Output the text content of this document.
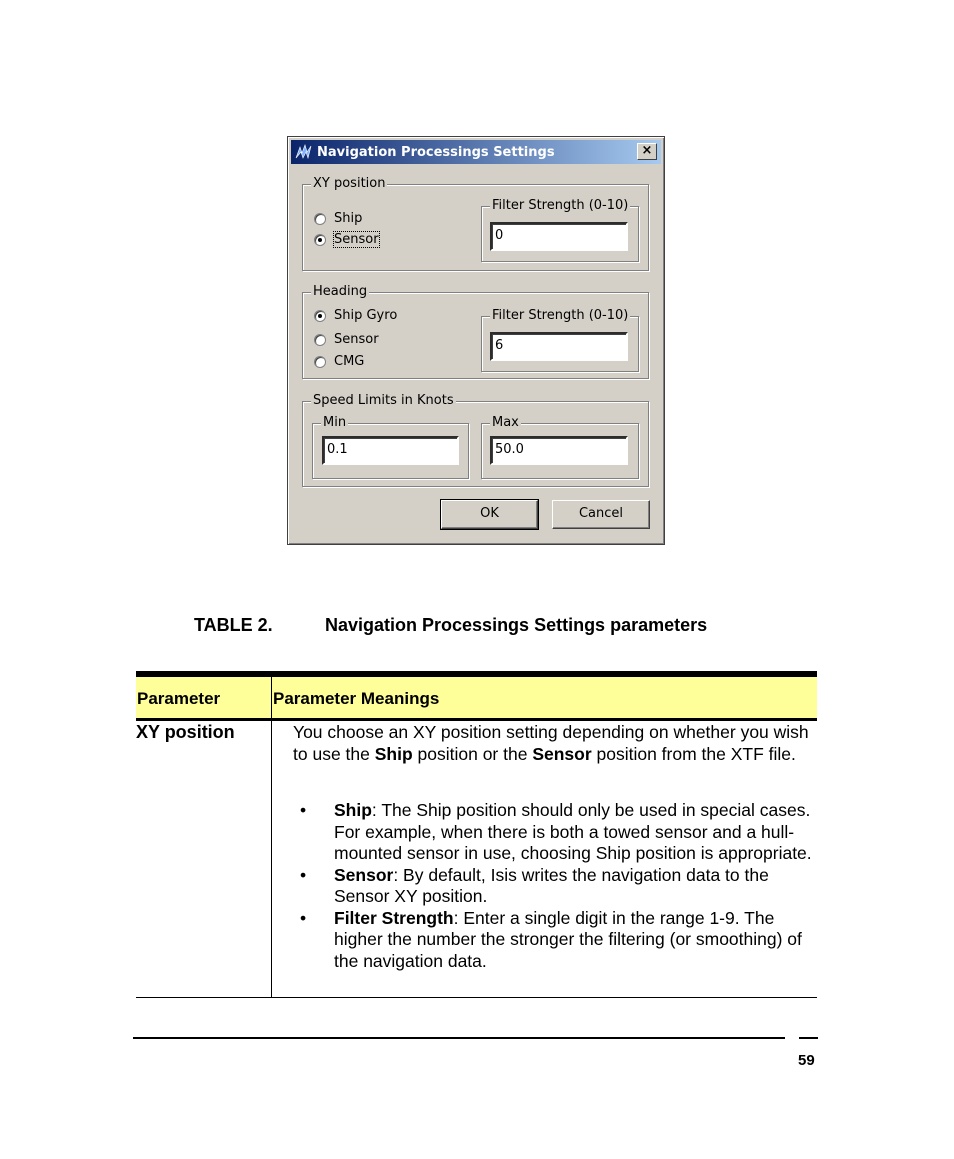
Navigation Processings Settings	×
XY position
Ship
Sensor
Filter Strength (0-10)
0
Heading
Ship Gyro
Sensor
CMG
Filter Strength (0-10)
6
Speed Limits in Knots
Min
0.1
Max
50.0
OK	Cancel
TABLE 2.	Navigation Processings Settings parameters
Parameter	Parameter Meanings
XY position	You choose an XY position setting depending on whether you wish to use the Ship position or the Sensor position from the XTF file.
• Ship: The Ship position should only be used in special cases. For example, when there is both a towed sensor and a hull-mounted sensor in use, choosing Ship position is appropriate.
• Sensor: By default, Isis writes the navigation data to the Sensor XY position.
• Filter Strength: Enter a single digit in the range 1-9. The higher the number the stronger the filtering (or smoothing) of the navigation data.
59
